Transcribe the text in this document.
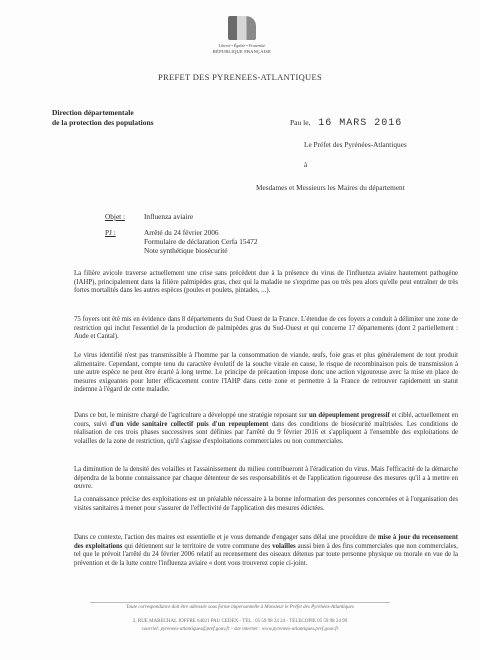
Liberté • Égalité • Fraternité
RÉPUBLIQUE FRANÇAISE
PREFET DES PYRENEES-ATLANTIQUES
Direction départementale
de la protection des populations	Pau le, 16 MARS 2016
Le Préfet des Pyrénées-Atlantiques
à
Mesdames et Messieurs les Maires du département
Objet :	Influenza aviaire
PJ :	Arrêté du 24 février 2006
Formulaire de déclaration Cerfa 15472
Note synthétique biosécurité
La filière avicole traverse actuellement une crise sans précédent due à la présence du virus de l'influenza aviaire hautement pathogène (IAHP), principalement dans la filière palmipèdes gras, chez qui la maladie ne s'exprime pas ou très peu alors qu'elle peut entraîner de très fortes mortalités dans les autres espèces (poules et poulets, pintades, ...).
75 foyers ont été mis en évidence dans 8 départements du Sud Ouest de la France. L'étendue de ces foyers a conduit à délimiter une zone de restriction qui inclut l'essentiel de la production de palmipèdes gras du Sud-Ouest et qui concerne 17 départements (dont 2 partiellement : Aude et Cantal).
Le virus identifié n'est pas transmissible à l'homme par la consommation de viande, œufs, foie gras et plus généralement de tout produit alimentaire. Cependant, compte tenu du caractère évolutif de la souche virale en cause, le risque de recombinaison puis de transmission à une autre espèce ne peut être écarté à long terme. Le principe de précaution impose donc une action vigoureuse avec la mise en place de mesures exigeantes pour lutter efficacement contre l'IAHP dans cette zone et permettre à la France de retrouver rapidement un statut indemne à l'égard de cette maladie.
Dans ce but, le ministre chargé de l'agriculture a développé une stratégie reposant sur un dépeuplement progressif et ciblé, actuellement en cours, suivi d'un vide sanitaire collectif puis d'un repeuplement dans des conditions de biosécurité maîtrisées. Les conditions de réalisation de ces trois phases successives sont définies par l'arrêté du 9 février 2016 et s'appliquent à l'ensemble des exploitations de volailles de la zone de restriction, qu'il s'agisse d'exploitations commerciales ou non commerciales.
La diminution de la densité des volailles et l'assainissement du milieu contribueront à l'éradication du virus. Mais l'efficacité de la démarche dépendra de la bonne connaissance par chaque détenteur de ses responsabilités et de l'application rigoureuse des mesures qu'il a à mettre en œuvre.
La connaissance précise des exploitations est un préalable nécessaire à la bonne information des personnes concernées et à l'organisation des visites sanitaires à mener pour s'assurer de l'effectivité de l'application des mesures édictées.
Dans ce contexte, l'action des maires est essentielle et je vous demande d'engager sans délai une procédure de mise à jour du recensement des exploitations qui détiennent sur le territoire de votre commune des volailles aussi bien à des fins commerciales que non commerciales, tel que le prévoit l'arrêté du 24 février 2006 relatif au recensement des oiseaux détenus par toute personne physique ou morale en vue de la prévention et de la lutte contre l'influenza aviaire « dont vous trouverez copie ci-joint.
Toute correspondance doit être adressée sous forme impersonnelle à Monsieur le Préfet des Pyrénées-Atlantiques
2, RUE MARECHAL JOFFRE 64021 PAU CEDEX - TEL : 05 59 98 24 24 - TELECOPIE 05 59 98 24 99
courriel: pyrenees-atlantiques@pref.gouv.fr - site internet : www.pyrenees-atlantiques.pref.gouv.fr
